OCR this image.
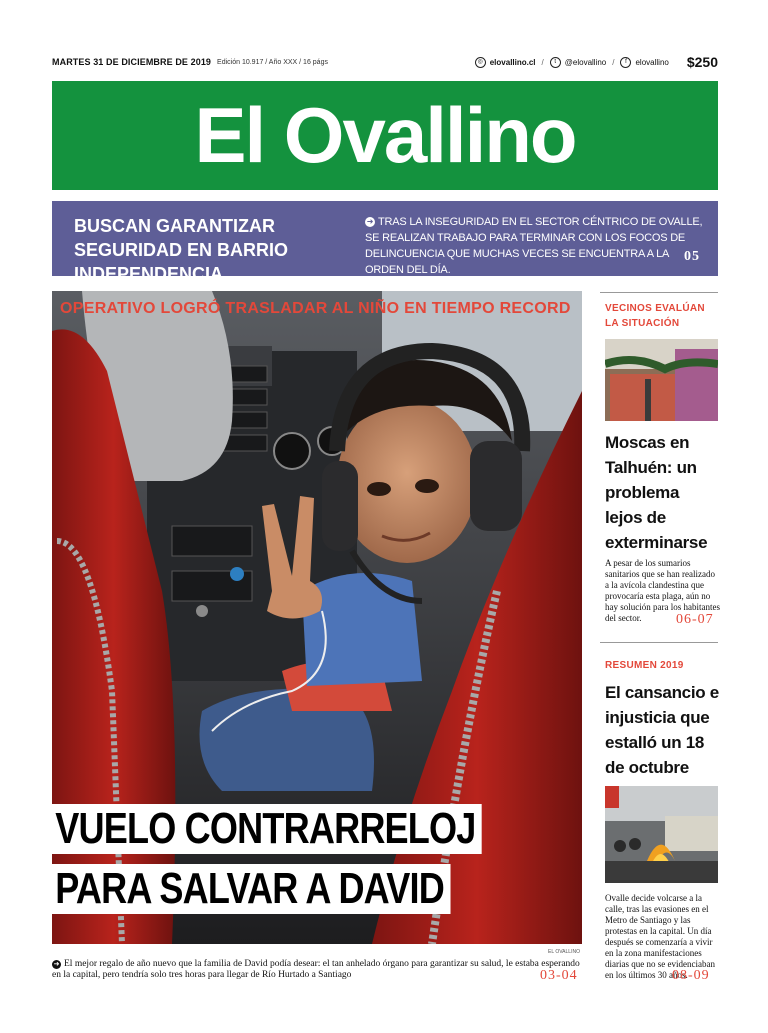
MARTES 31 DE DICIEMBRE DE 2019 Edición 10.917 / Año XXX / 16 págs	◎ elovallino.cl /	t	@elovallino /	f	elovallino $250
El Ovallino
BUSCAN GARANTIZAR SEGURIDAD EN BARRIO INDEPENDENCIA
➜ TRAS LA INSEGURIDAD EN EL SECTOR CÉNTRICO DE OVALLE, SE REALIZAN TRABAJO PARA TERMINAR CON LOS FOCOS DE DELINCUENCIA QUE MUCHAS VECES SE ENCUENTRA A LA ORDEN DEL DÍA.
05
OPERATIVO LOGRÓ TRASLADAR AL NIÑO EN TIEMPO RECORD
VUELO CONTRARRELOJ
PARA SALVAR A DAVID
EL OVALLINO
➜ El mejor regalo de año nuevo que la familia de David podía desear: el tan anhelado órgano para garantizar su salud, le estaba esperando en la capital, pero tendría solo tres horas para llegar de Río Hurtado a Santiago	03-04
VECINOS EVALÚAN
LA SITUACIÓN
Moscas en Talhuén: un problema lejos de exterminarse
A pesar de los sumarios sanitarios que se han realizado a la avícola clandestina que provocaría esta plaga, aún no hay solución para los habitantes del sector.	06-07
RESUMEN 2019
El cansancio e injusticia que estalló un 18 de octubre
Ovalle decide volcarse a la calle, tras las evasiones en el Metro de Santiago y las protestas en la capital. Un día después se comenzaría a vivir en la zona manifestaciones diarias que no se evidenciaban en los últimos 30 años.
08-09
